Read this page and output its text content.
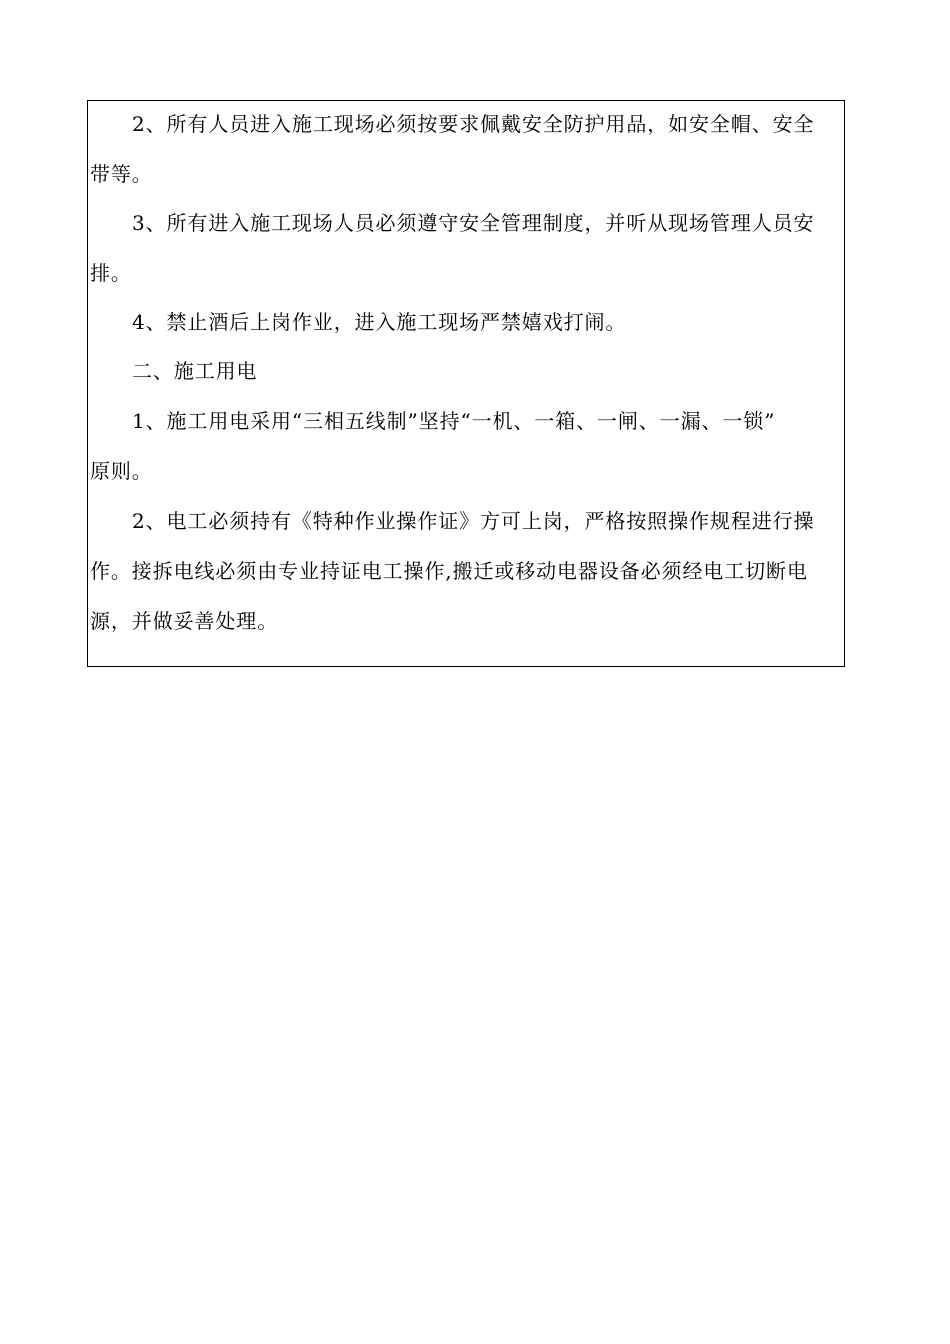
2、所有人员进入施工现场必须按要求佩戴安全防护用品，如安全帽、安全
带等。
3、所有进入施工现场人员必须遵守安全管理制度，并听从现场管理人员安
排。
4、禁止酒后上岗作业，进入施工现场严禁嬉戏打闹。
二、施工用电
1、施工用电采用“三相五线制”坚持“一机、一箱、一闸、一漏、一锁”
原则。
2、电工必须持有《特种作业操作证》方可上岗，严格按照操作规程进行操
作。接拆电线必须由专业持证电工操作,搬迁或移动电器设备必须经电工切断电
源，并做妥善处理。
